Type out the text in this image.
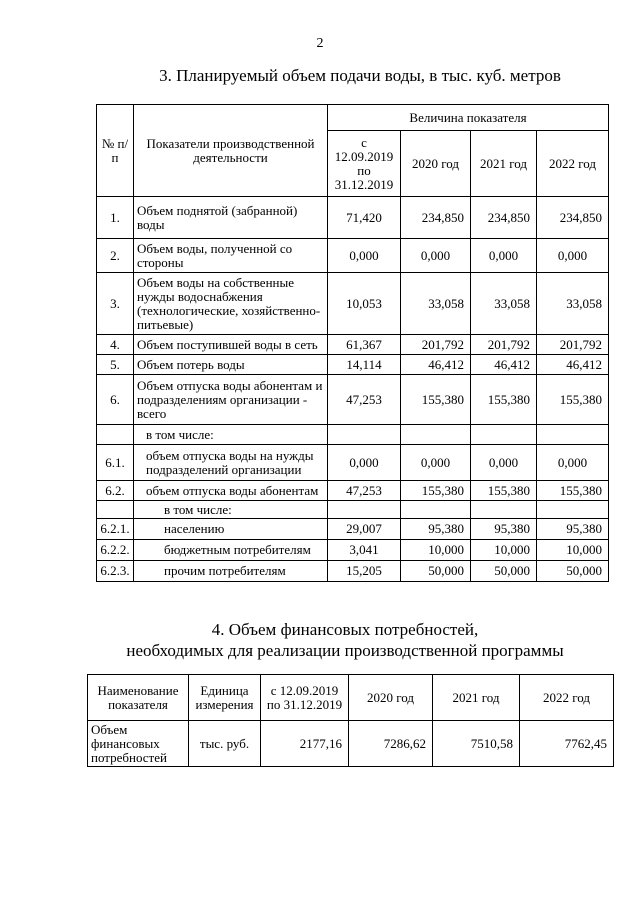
2
3. Планируемый объем подачи воды, в тыс. куб. метров
№ п/п	Показатели производственной деятельности	Величина показателя			
		с 12.09.2019 по 31.12.2019	2020 год	2021 год	2022 год
1.	Объем поднятой (забранной) воды	71,420	234,850	234,850	234,850
2.	Объем воды, полученной со стороны	0,000	0,000	0,000	0,000
3.	Объем воды на собственные нужды водоснабжения (технологические, хозяйственно-питьевые)	10,053	33,058	33,058	33,058
4.	Объем поступившей воды в сеть	61,367	201,792	201,792	201,792
5.	Объем потерь воды	14,114	46,412	46,412	46,412
6.	Объем отпуска воды абонентам и подразделениям организации - всего	47,253	155,380	155,380	155,380
	в том числе:				
6.1.	объем отпуска воды на нужды подразделений организации	0,000	0,000	0,000	0,000
6.2.	объем отпуска воды абонентам	47,253	155,380	155,380	155,380
	в том числе:				
6.2.1.	населению	29,007	95,380	95,380	95,380
6.2.2.	бюджетным потребителям	3,041	10,000	10,000	10,000
6.2.3.	прочим потребителям	15,205	50,000	50,000	50,000
4. Объем финансовых потребностей,
необходимых для реализации производственной программы
Наименование показателя	Единица измерения	с 12.09.2019 по 31.12.2019	2020 год	2021 год	2022 год
Объем финансовых потребностей	тыс. руб.	2177,16	7286,62	7510,58	7762,45
